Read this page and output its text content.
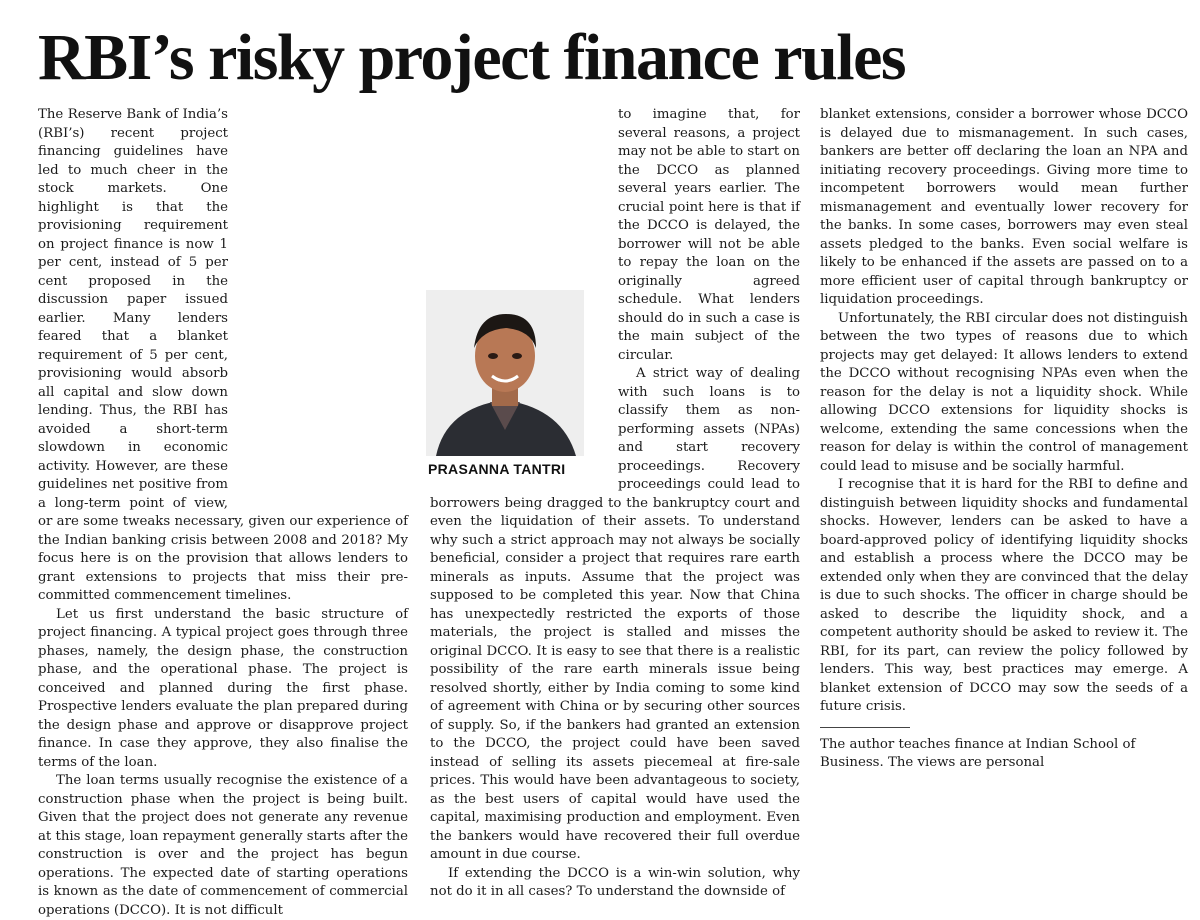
RBI’s risky project finance rules

The Reserve Bank of India’s (RBI’s) recent project financing guidelines have led to much cheer in the stock markets. One highlight is that the provisioning requirement on project finance is now 1 per cent, instead of 5 per cent proposed in the discussion paper issued earlier. Many lenders feared that a blanket requirement of 5 per cent, provisioning would absorb all capital and slow down lending. Thus, the RBI has avoided a short-term slowdown in economic activity. However, are these guidelines net positive from a long-term point of view, or are some tweaks necessary, given our experience of the Indian banking crisis between 2008 and 2018? My focus here is on the provision that allows lenders to grant extensions to projects that miss their pre-committed commencement timelines.

Let us first understand the basic structure of project financing. A typical project goes through three phases, namely, the design phase, the construction phase, and the operational phase. The project is conceived and planned during the first phase. Prospective lenders evaluate the plan prepared during the design phase and approve or disapprove project finance. In case they approve, they also finalise the terms of the loan.

The loan terms usually recognise the existence of a construction phase when the project is being built. Given that the project does not generate any revenue at this stage, loan repayment generally starts after the construction is over and the project has begun operations. The expected date of starting operations is known as the date of commencement of commercial operations (DCCO). It is not difficult

PRASANNA TANTRI

to imagine that, for several reasons, a project may not be able to start on the DCCO as planned several years earlier. The crucial point here is that if the DCCO is delayed, the borrower will not be able to repay the loan on the originally agreed schedule. What lenders should do in such a case is the main subject of the circular.

A strict way of dealing with such loans is to classify them as non-performing assets (NPAs) and start recovery proceedings. Recovery proceedings could lead to borrowers being dragged to the bankruptcy court and even the liquidation of their assets. To understand why such a strict approach may not always be socially beneficial, consider a project that requires rare earth minerals as inputs. Assume that the project was supposed to be completed this year. Now that China has unexpectedly restricted the exports of those materials, the project is stalled and misses the original DCCO. It is easy to see that there is a realistic possibility of the rare earth minerals issue being resolved shortly, either by India coming to some kind of agreement with China or by securing other sources of supply. So, if the bankers had granted an extension to the DCCO, the project could have been saved instead of selling its assets piecemeal at fire-sale prices. This would have been advantageous to society, as the best users of capital would have used the capital, maximising production and employment. Even the bankers would have recovered their full overdue amount in due course.

If extending the DCCO is a win-win solution, why not do it in all cases? To understand the downside of

blanket extensions, consider a borrower whose DCCO is delayed due to mismanagement. In such cases, bankers are better off declaring the loan an NPA and initiating recovery proceedings. Giving more time to incompetent borrowers would mean further mismanagement and eventually lower recovery for the banks. In some cases, borrowers may even steal assets pledged to the banks. Even social welfare is likely to be enhanced if the assets are passed on to a more efficient user of capital through bankruptcy or liquidation proceedings.

Unfortunately, the RBI circular does not distinguish between the two types of reasons due to which projects may get delayed: It allows lenders to extend the DCCO without recognising NPAs even when the reason for the delay is not a liquidity shock. While allowing DCCO extensions for liquidity shocks is welcome, extending the same concessions when the reason for delay is within the control of management could lead to misuse and be socially harmful.

I recognise that it is hard for the RBI to define and distinguish between liquidity shocks and fundamental shocks. However, lenders can be asked to have a board-approved policy of identifying liquidity shocks and establish a process where the DCCO may be extended only when they are convinced that the delay is due to such shocks. The officer in charge should be asked to describe the liquidity shock, and a competent authority should be asked to review it. The RBI, for its part, can review the policy followed by lenders. This way, best practices may emerge. A blanket extension of DCCO may sow the seeds of a future crisis.

The author teaches finance at Indian School of Business. The views are personal
